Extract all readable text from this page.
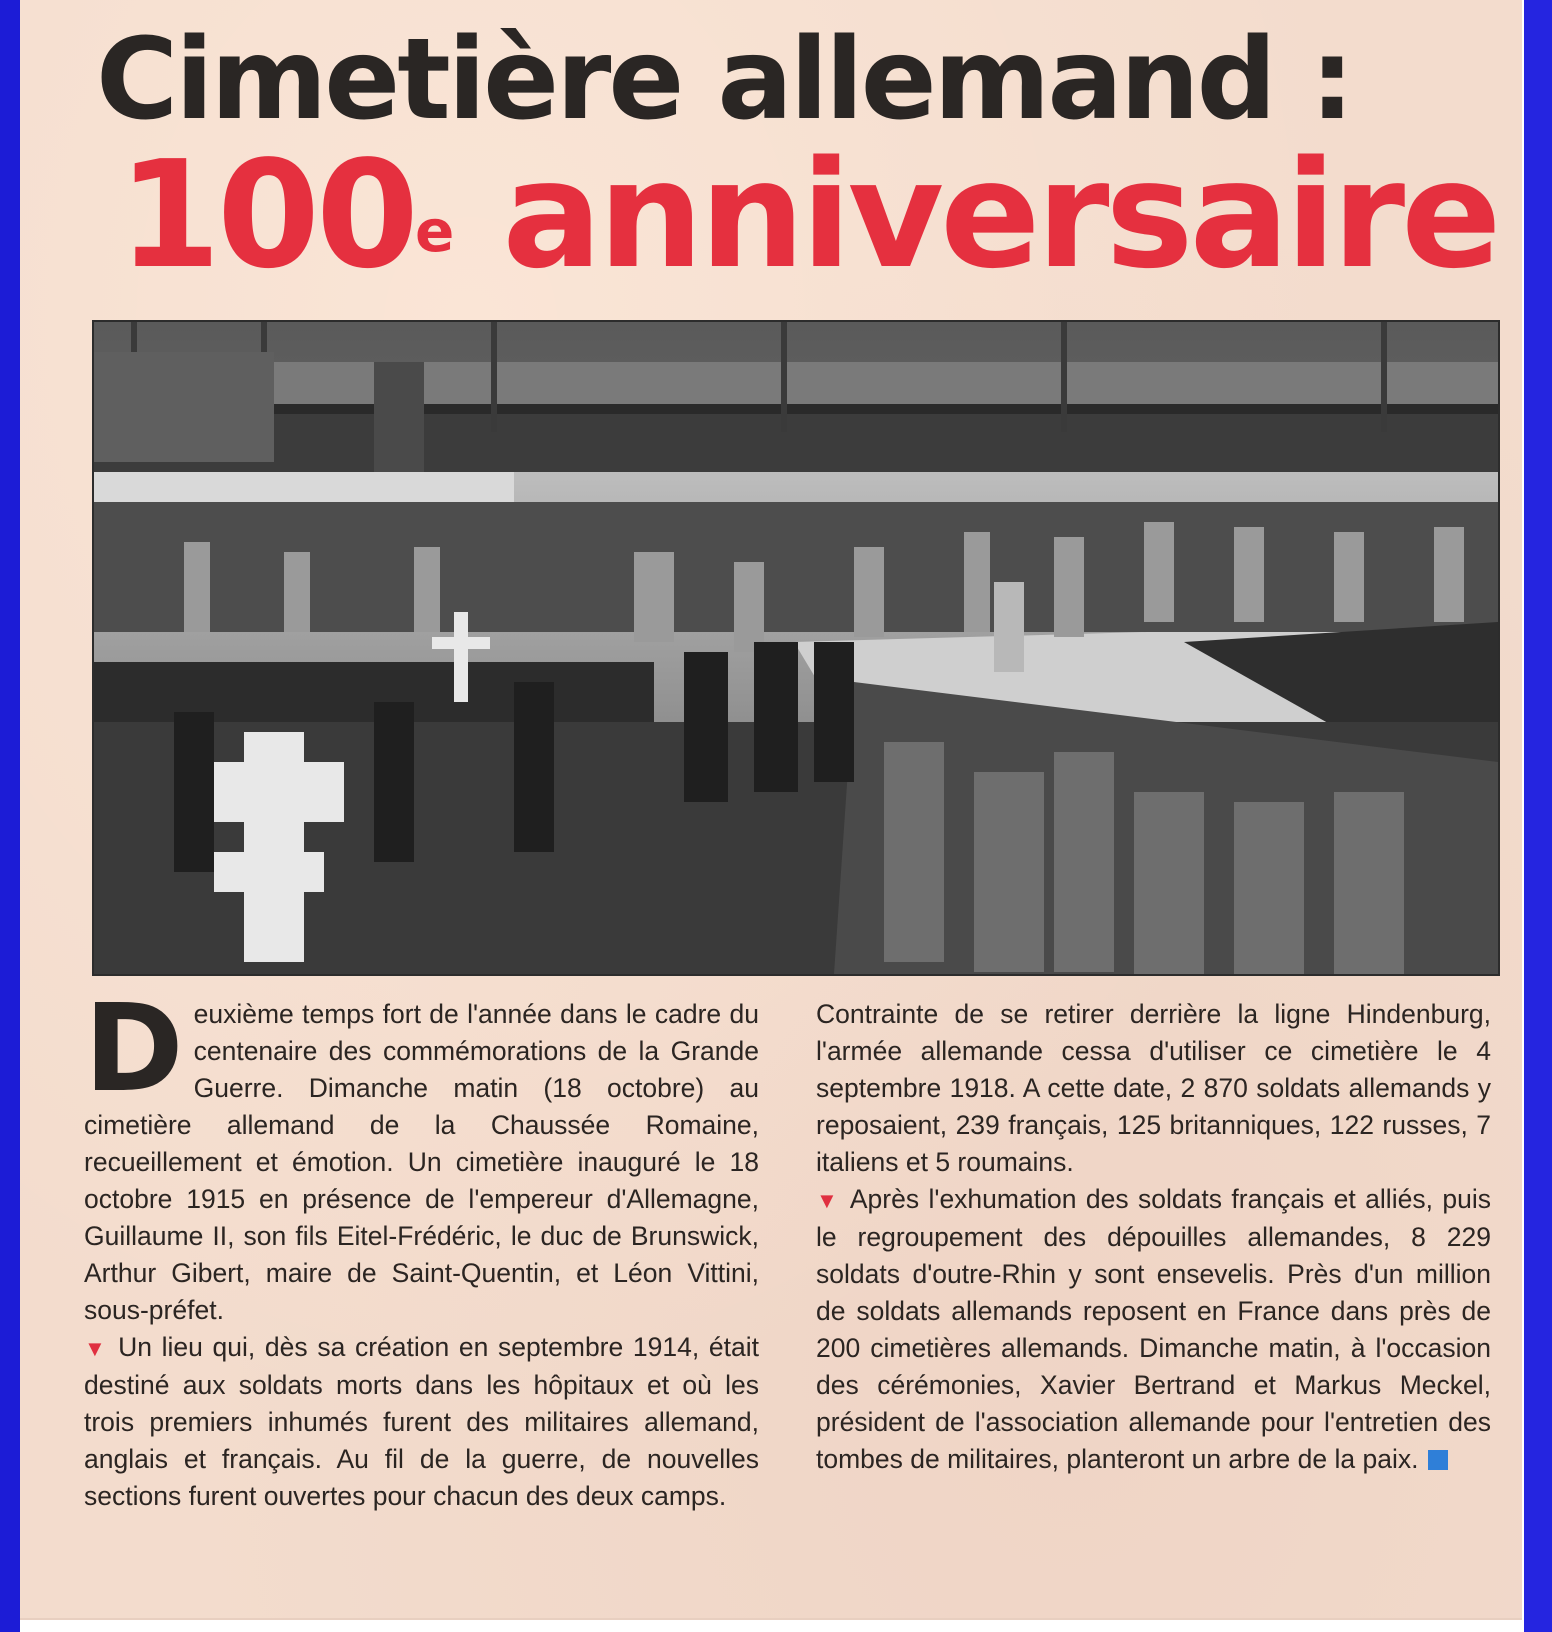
Cimetière allemand :
100e anniversaire

Deuxième temps fort de l'année dans le cadre du centenaire des commémorations de la Grande Guerre. Dimanche matin (18 octobre) au cimetière allemand de la Chaussée Romaine, recueillement et émotion. Un cimetière inauguré le 18 octobre 1915 en présence de l'empereur d'Allemagne, Guillaume II, son fils Eitel-Frédéric, le duc de Brunswick, Arthur Gibert, maire de Saint-Quentin, et Léon Vittini, sous-préfet.

▼ Un lieu qui, dès sa création en septembre 1914, était destiné aux soldats morts dans les hôpitaux et où les trois premiers inhumés furent des militaires allemand, anglais et français. Au fil de la guerre, de nouvelles sections furent ouvertes pour chacun des deux camps.

Contrainte de se retirer derrière la ligne Hindenburg, l'armée allemande cessa d'utiliser ce cimetière le 4 septembre 1918. A cette date, 2 870 soldats allemands y reposaient, 239 français, 125 britanniques, 122 russes, 7 italiens et 5 roumains.

▼ Après l'exhumation des soldats français et alliés, puis le regroupement des dépouilles allemandes, 8 229 soldats d'outre-Rhin y sont ensevelis. Près d'un million de soldats allemands reposent en France dans près de 200 cimetières allemands. Dimanche matin, à l'occasion des cérémonies, Xavier Bertrand et Markus Meckel, président de l'association allemande pour l'entretien des tombes de militaires, planteront un arbre de la paix.
